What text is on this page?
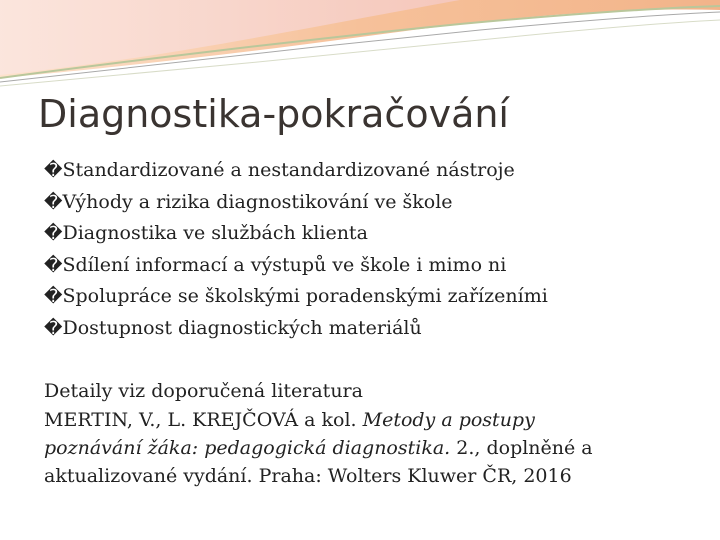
Diagnostika-pokračování
�Standardizované a nestandardizované nástroje
�Výhody a rizika diagnostikování ve škole
�Diagnostika ve službách klienta
�Sdílení informací a výstupů ve škole i mimo ni
�Spolupráce se školskými poradenskými zařízeními
�Dostupnost diagnostických materiálů
Detaily viz doporučená literatura
MERTIN, V., L. KREJČOVÁ a kol. Metody a postupy
poznávání žáka: pedagogická diagnostika. 2., doplněné a
aktualizované vydání. Praha: Wolters Kluwer ČR, 2016
